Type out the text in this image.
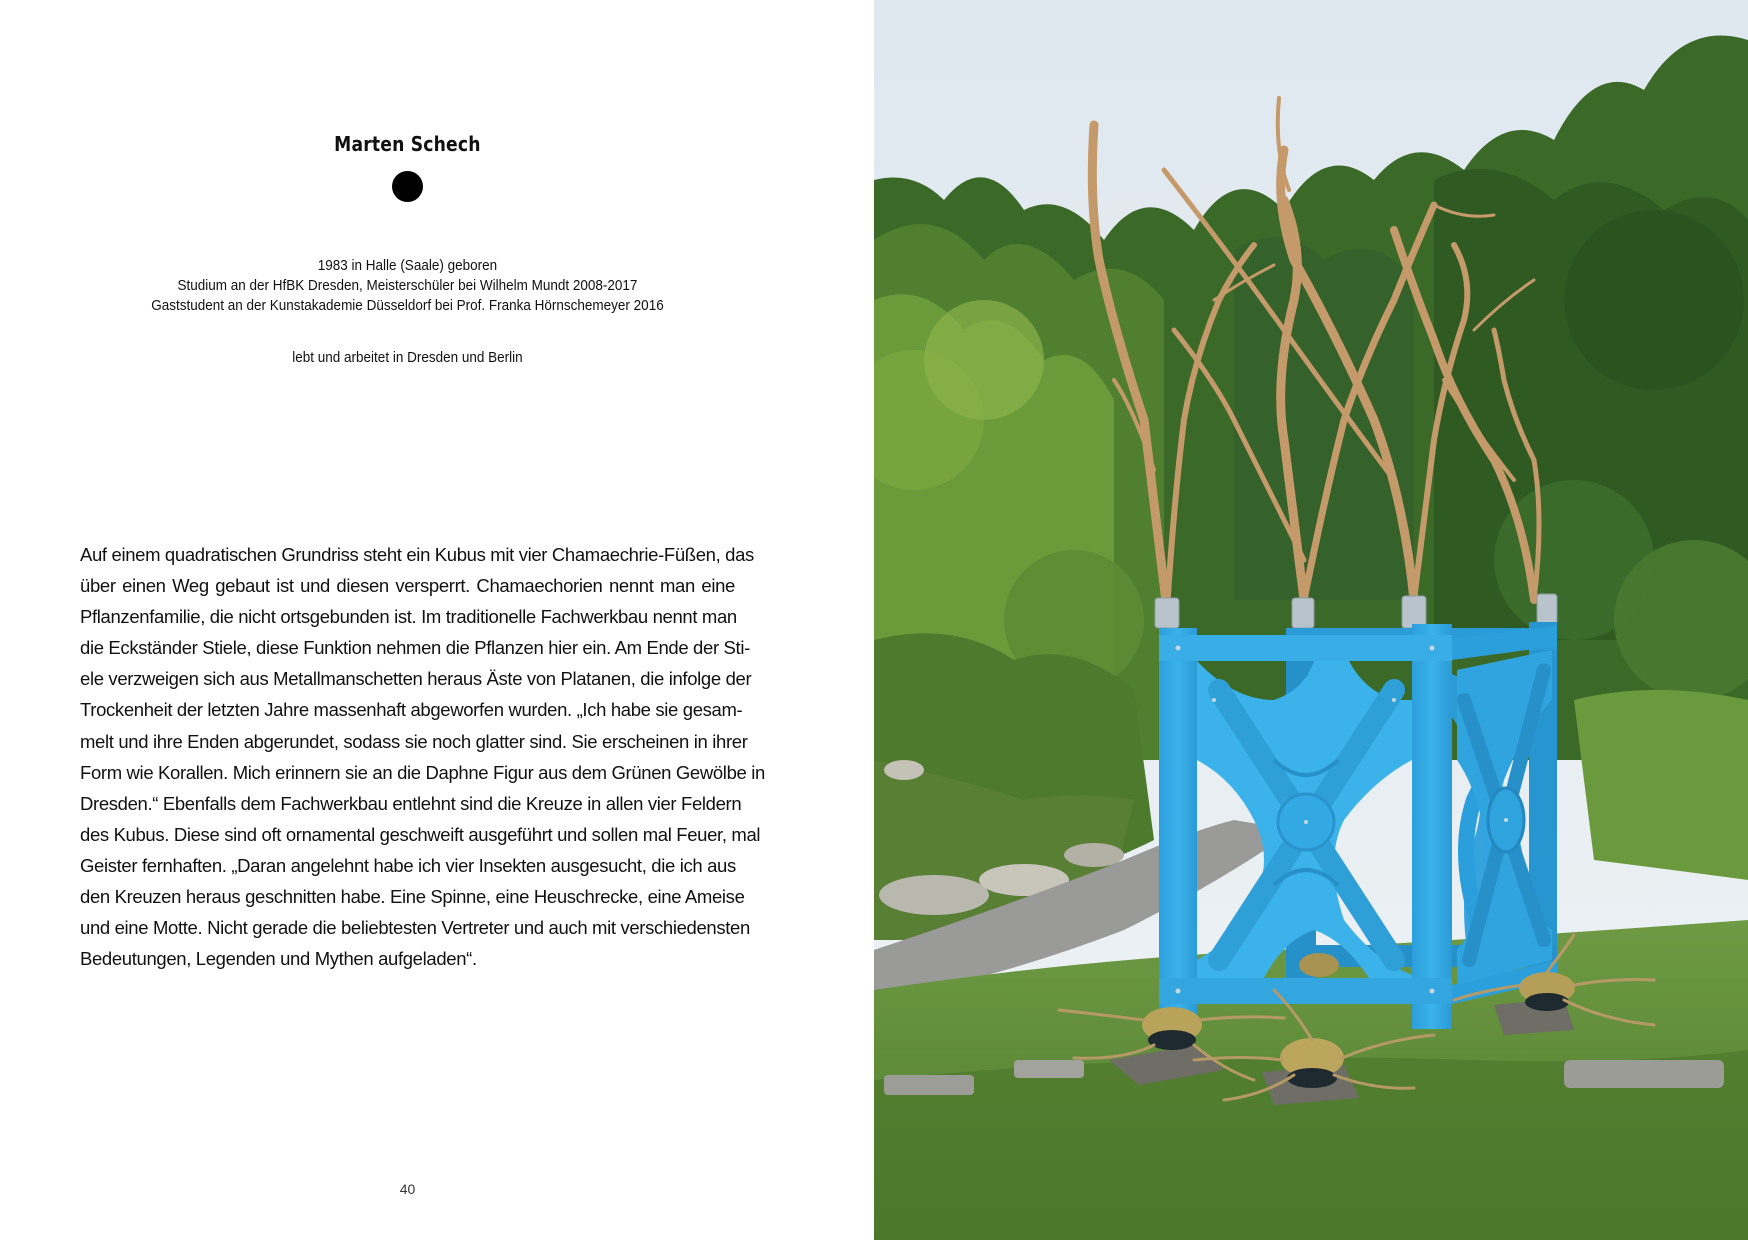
Marten Schech
1983 in Halle (Saale) geboren
Studium an der HfBK Dresden, Meisterschüler bei Wilhelm Mundt 2008-2017
Gaststudent an der Kunstakademie Düsseldorf bei Prof. Franka Hörnschemeyer 2016
lebt und arbeitet in Dresden und Berlin
Auf einem quadratischen Grundriss steht ein Kubus mit vier Chamaechrie-Füßen, das
über einen Weg gebaut ist und diesen versperrt. Chamaechorien nennt man eine
Pflanzenfamilie, die nicht ortsgebunden ist. Im traditionelle Fachwerkbau nennt man
die Eckständer Stiele, diese Funktion nehmen die Pflanzen hier ein. Am Ende der Sti-
ele verzweigen sich aus Metallmanschetten heraus Äste von Platanen, die infolge der
Trockenheit der letzten Jahre massenhaft abgeworfen wurden. „Ich habe sie gesam-
melt und ihre Enden abgerundet, sodass sie noch glatter sind. Sie erscheinen in ihrer
Form wie Korallen. Mich erinnern sie an die Daphne Figur aus dem Grünen Gewölbe in
Dresden.“ Ebenfalls dem Fachwerkbau entlehnt sind die Kreuze in allen vier Feldern
des Kubus. Diese sind oft ornamental geschweift ausgeführt und sollen mal Feuer, mal
Geister fernhaften. „Daran angelehnt habe ich vier Insekten ausgesucht, die ich aus
den Kreuzen heraus geschnitten habe. Eine Spinne, eine Heuschrecke, eine Ameise
und eine Motte. Nicht gerade die beliebtesten Vertreter und auch mit verschiedensten
Bedeutungen, Legenden und Mythen aufgeladen“.
40
